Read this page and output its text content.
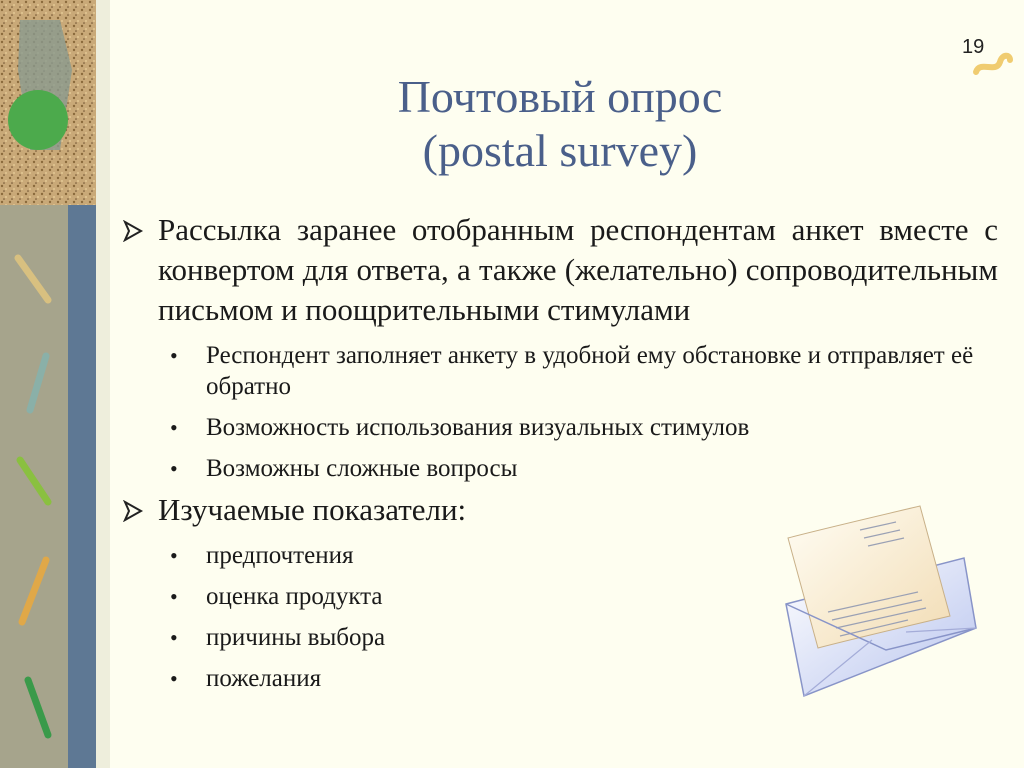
19
Почтовый опрос
(postal survey)
Рассылка заранее отобранным респондентам анкет вместе с конвертом для ответа, а также (желательно) сопроводительным письмом и поощрительными стимулами
• Респондент заполняет анкету в удобной ему обстановке и отправляет её обратно
• Возможность использования визуальных стимулов
• Возможны сложные вопросы
Изучаемые показатели:
• предпочтения
• оценка продукта
• причины выбора
• пожелания
